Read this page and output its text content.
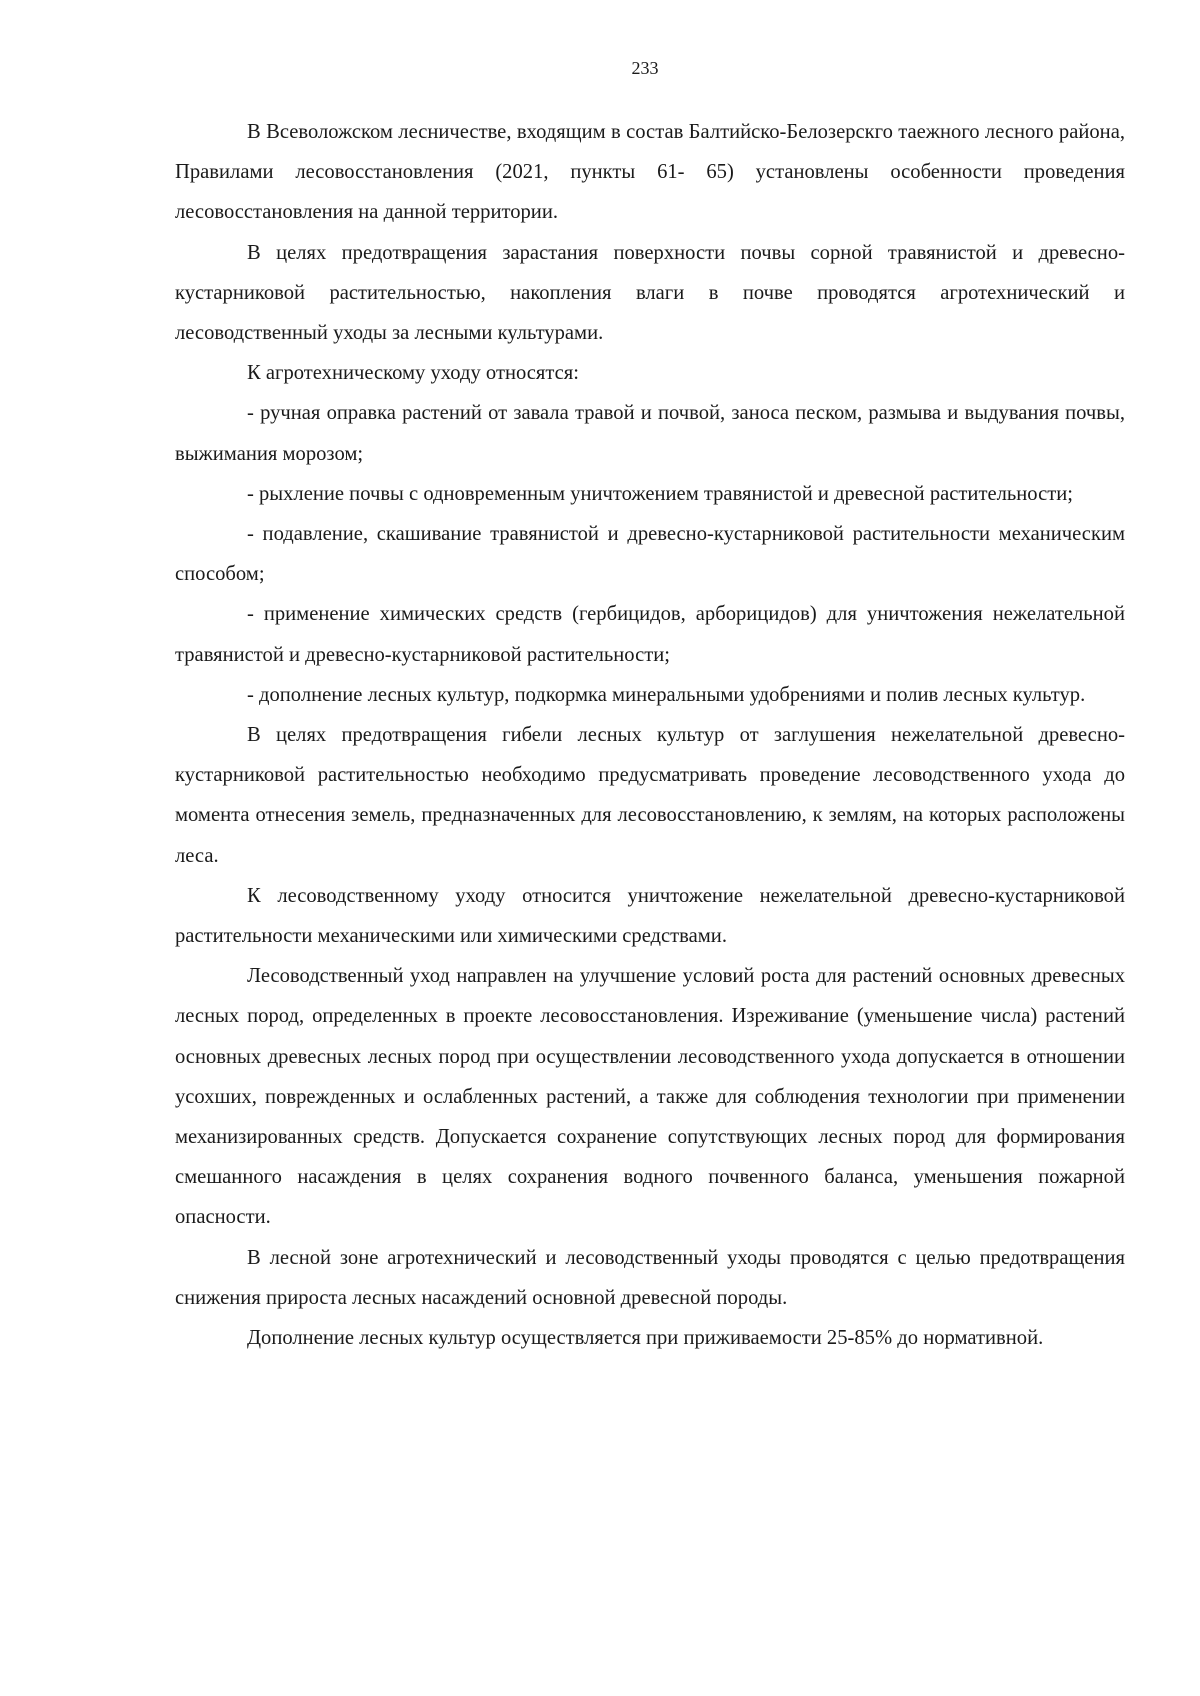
233

В Всеволожском лесничестве, входящим в состав Балтийско-Белозерскго таежного лесного района, Правилами лесовосстановления (2021, пункты 61- 65) установлены особенности проведения лесовосстановления на данной территории.

В целях предотвращения зарастания поверхности почвы сорной травянистой и древесно-кустарниковой растительностью, накопления влаги в почве проводятся агротехнический и лесоводственный уходы за лесными культурами.

К агротехническому уходу относятся:

- ручная оправка растений от завала травой и почвой, заноса песком, размыва и выдувания почвы, выжимания морозом;

- рыхление почвы с одновременным уничтожением травянистой и древесной растительности;

- подавление, скашивание травянистой и древесно-кустарниковой растительности механическим способом;

- применение химических средств (гербицидов, арборицидов) для уничтожения нежелательной травянистой и древесно-кустарниковой растительности;

- дополнение лесных культур, подкормка минеральными удобрениями и полив лесных культур.

В целях предотвращения гибели лесных культур от заглушения нежелательной древесно-кустарниковой растительностью необходимо предусматривать проведение лесоводственного ухода до момента отнесения земель, предназначенных для лесовосстановлению, к землям, на которых расположены леса.

К лесоводственному уходу относится уничтожение нежелательной древесно-кустарниковой растительности механическими или химическими средствами.

Лесоводственный уход направлен на улучшение условий роста для растений основных древесных лесных пород, определенных в проекте лесовосстановления. Изреживание (уменьшение числа) растений основных древесных лесных пород при осуществлении лесоводственного ухода допускается в отношении усохших, поврежденных и ослабленных растений, а также для соблюдения технологии при применении механизированных средств. Допускается сохранение сопутствующих лесных пород для формирования смешанного насаждения в целях сохранения водного почвенного баланса, уменьшения пожарной опасности.

В лесной зоне агротехнический и лесоводственный уходы проводятся с целью предотвращения снижения прироста лесных насаждений основной древесной породы.

Дополнение лесных культур осуществляется при приживаемости 25-85% до нормативной.
